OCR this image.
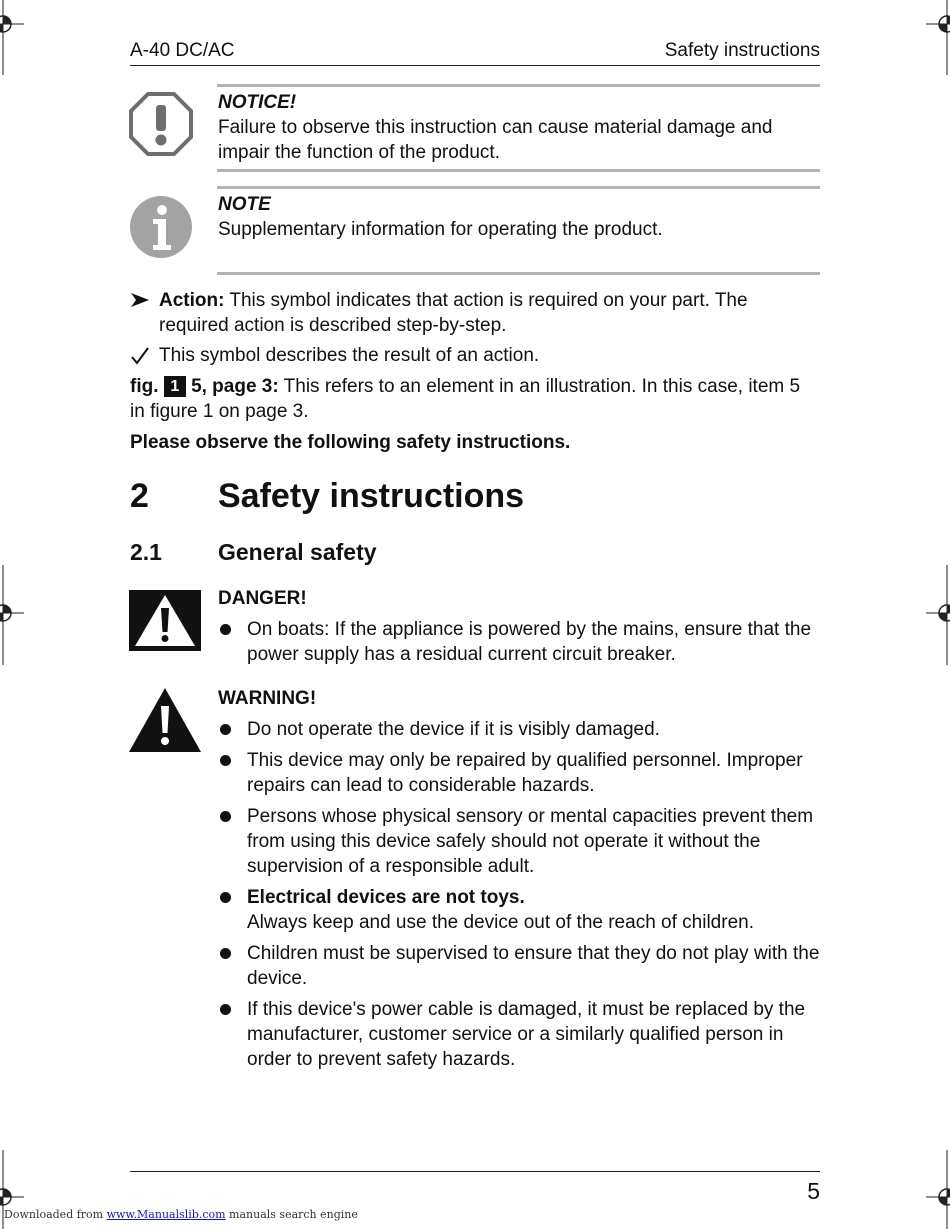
A-40 DC/AC	Safety instructions
NOTICE!
Failure to observe this instruction can cause material damage and impair the function of the product.
NOTE
Supplementary information for operating the product.
Action: This symbol indicates that action is required on your part. The required action is described step-by-step.
This symbol describes the result of an action.
fig. 1 5, page 3: This refers to an element in an illustration. In this case, item 5 in figure 1 on page 3.
Please observe the following safety instructions.
2 Safety instructions
2.1 General safety
DANGER!
On boats: If the appliance is powered by the mains, ensure that the power supply has a residual current circuit breaker.
WARNING!
Do not operate the device if it is visibly damaged.
This device may only be repaired by qualified personnel. Improper repairs can lead to considerable hazards.
Persons whose physical sensory or mental capacities prevent them from using this device safely should not operate it without the supervision of a responsible adult.
Electrical devices are not toys.
Always keep and use the device out of the reach of children.
Children must be supervised to ensure that they do not play with the device.
If this device's power cable is damaged, it must be replaced by the manufacturer, customer service or a similarly qualified person in order to prevent safety hazards.
5
Downloaded from www.Manualslib.com manuals search engine
